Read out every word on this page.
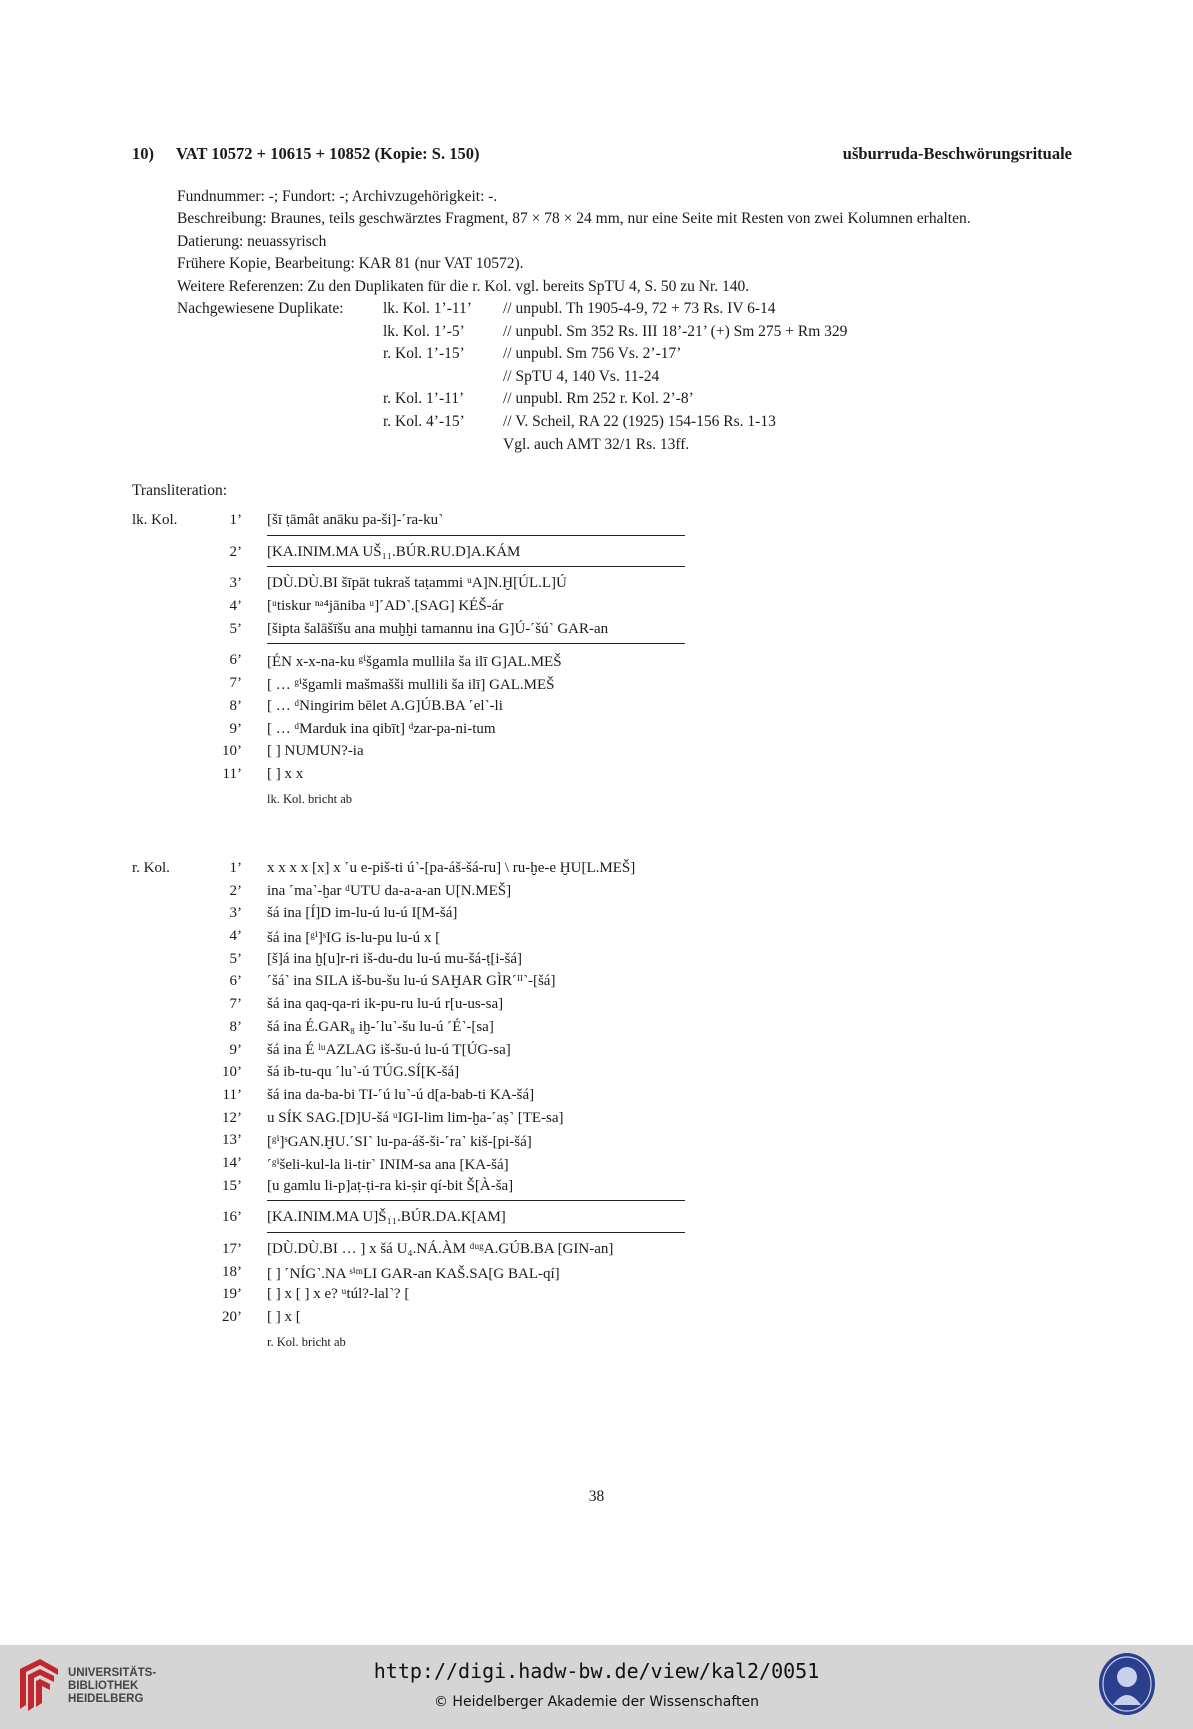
10) VAT 10572 + 10615 + 10852 (Kopie: S. 150)	ušburruda-Beschwörungsrituale
Fundnummer: -; Fundort: -; Archivzugehörigkeit: -.
Beschreibung: Braunes, teils geschwärztes Fragment, 87 × 78 × 24 mm, nur eine Seite mit Resten von zwei Kolumnen erhalten.
Datierung: neuassyrisch
Frühere Kopie, Bearbeitung: KAR 81 (nur VAT 10572).
Weitere Referenzen: Zu den Duplikaten für die r. Kol. vgl. bereits SpTU 4, S. 50 zu Nr. 140.
Nachgewiesene Duplikate:	lk. Kol. 1’-11’ // unpubl. Th 1905-4-9, 72 + 73 Rs. IV 6-14
lk. Kol. 1’-5’ // unpubl. Sm 352 Rs. III 18’-21’ (+) Sm 275 + Rm 329
r. Kol. 1’-15’ // unpubl. Sm 756 Vs. 2’-17’
// SpTU 4, 140 Vs. 11-24
r. Kol. 1’-11’	// unpubl. Rm 252 r. Kol. 2’-8’
r. Kol. 4’-15’ // V. Scheil, RA 22 (1925) 154-156 Rs. 1-13
Vgl. auch AMT 32/1 Rs. 13ff.
Transliteration:
lk. Kol.	1’ [šī ṭāmât anāku pa-ši]-˹ra-ku˺
2’ [KA.INIM.MA UŠ₁₁.BÚR.RU.D]A.KÁM
3’ [DÙ.DÙ.BI šīpāt tukraš taṭammi ᵘA]N.Ḫ[ÚL.L]Ú
4’ [ᵘtiskur ⁿᵃ⁴jāniba ᵘ]˹AD˺.[SAG] KÉŠ-ár
5’ [šipta šalāšīšu ana muḫḫi tamannu ina G]Ú-˹šú˺ GAR-an
6’ [ÉN x-x-na-ku ᵍⁱšgamla mullila ša ilī G]AL.MEŠ
7’ [ … ᵍⁱšgamli mašmašši mullili ša ilī] GAL.MEŠ
8’ [ … ᵈNingirim bēlet A.G]ÚB.BA ˹el˺-li
9’ [ … ᵈMarduk ina qibīt] ᵈzar-pa-ni-tum
10’ [ ] NUMUN?-ia
11’ [ ] x x
lk. Kol. bricht ab
r. Kol.	1’ x x x x [x] x ˹u e-piš-ti ú˺-[pa-áš-šá-ru] \ ru-ḫe-e ḪU[L.MEŠ]
2’ ina ˹ma˺-ḫar ᵈUTU da-a-a-an U[N.MEŠ]
3’ šá ina [Í]D im-lu-ú lu-ú I[M-šá]
4’ šá ina [ᵍⁱ]ˢIG is-lu-pu lu-ú x [
5’ [š]á ina ḫ[u]r-ri iš-du-du lu-ú mu-šá-ṭ[i-šá]
6’ ˹šá˺ ina SILA iš-bu-šu lu-ú SAḪAR GÌR˹ᴵᴵ˺-[šá]
7’ šá ina qaq-qa-ri ik-pu-ru lu-ú r[u-us-sa]
8’ šá ina É.GAR₈ iḫ-˹lu˺-šu lu-ú ˹É˺-[sa]
9’ šá ina É ˡᵘAZLAG iš-šu-ú lu-ú T[ÚG-sa]
10’ šá ib-tu-qu ˹lu˺-ú TÚG.SÍ[K-šá]
11’ šá ina da-ba-bi TI-˹ú lu˺-ú d[a-bab-ti KA-šá]
12’ u SÍK SAG.[D]U-šá ᵘIGI-lim lim-ḫa-˹aṣ˺ [TE-sa]
13’ [ᵍⁱ]ˢGAN.ḪU.˹SI˺ lu-pa-áš-ši-˹ra˺ kiš-[pi-šá]
14’ ˹ᵍⁱšeli-kul-la li-tir˺ INIM-sa ana [KA-šá]
15’ [u gamlu li-p]aṭ-ṭi-ra ki-ṣir qí-bit Š[À-ša]
16’ [KA.INIM.MA U]Š₁₁.BÚR.DA.K[AM]
17’ [DÙ.DÙ.BI … ] x šá U₄.NÁ.ÀM ᵈᵘᵍA.GÚB.BA [GIN-an]
18’ [ ] ˹NÍG˺.NA ˢⁱᵐLI GAR-an KAŠ.SA[G BAL-qí]
19’ [ ] x [ ] x e? ᵘtúl?-lal˺? [
20’ [ ] x [
r. Kol. bricht ab
38
UNIVERSITÄTS-
BIBLIOTHEK
HEIDELBERG
http://digi.hadw-bw.de/view/kal2/0051
© Heidelberger Akademie der Wissenschaften
